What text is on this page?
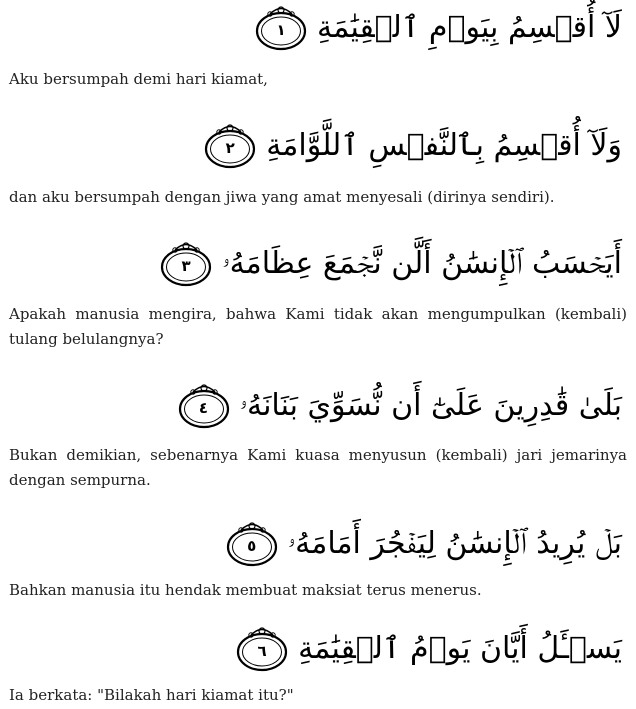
١	لَآ أُقۡسِمُ بِيَوۡمِ ٱلۡقِيَٰمَةِ

Aku bersumpah demi hari kiamat,

٢	وَلَآ أُقۡسِمُ بِٱلنَّفۡسِ ٱللَّوَّامَةِ

dan aku bersumpah dengan jiwa yang amat menyesali (dirinya sendiri).

٣	أَيَحۡسَبُ ٱلۡإِنسَٰنُ أَلَّن نَّجۡمَعَ عِظَامَهُۥ

Apakah manusia mengira, bahwa Kami tidak akan mengumpulkan (kembali) tulang belulangnya?

٤	بَلَىٰ قَٰدِرِينَ عَلَىٰٓ أَن نُّسَوِّيَ بَنَانَهُۥ

Bukan demikian, sebenarnya Kami kuasa menyusun (kembali) jari jemarinya dengan sempurna.

٥	بَلۡ يُرِيدُ ٱلۡإِنسَٰنُ لِيَفۡجُرَ أَمَامَهُۥ

Bahkan manusia itu hendak membuat maksiat terus menerus.

٦	يَسۡـَٔلُ أَيَّانَ يَوۡمُ ٱلۡقِيَٰمَةِ

Ia berkata: "Bilakah hari kiamat itu?"
